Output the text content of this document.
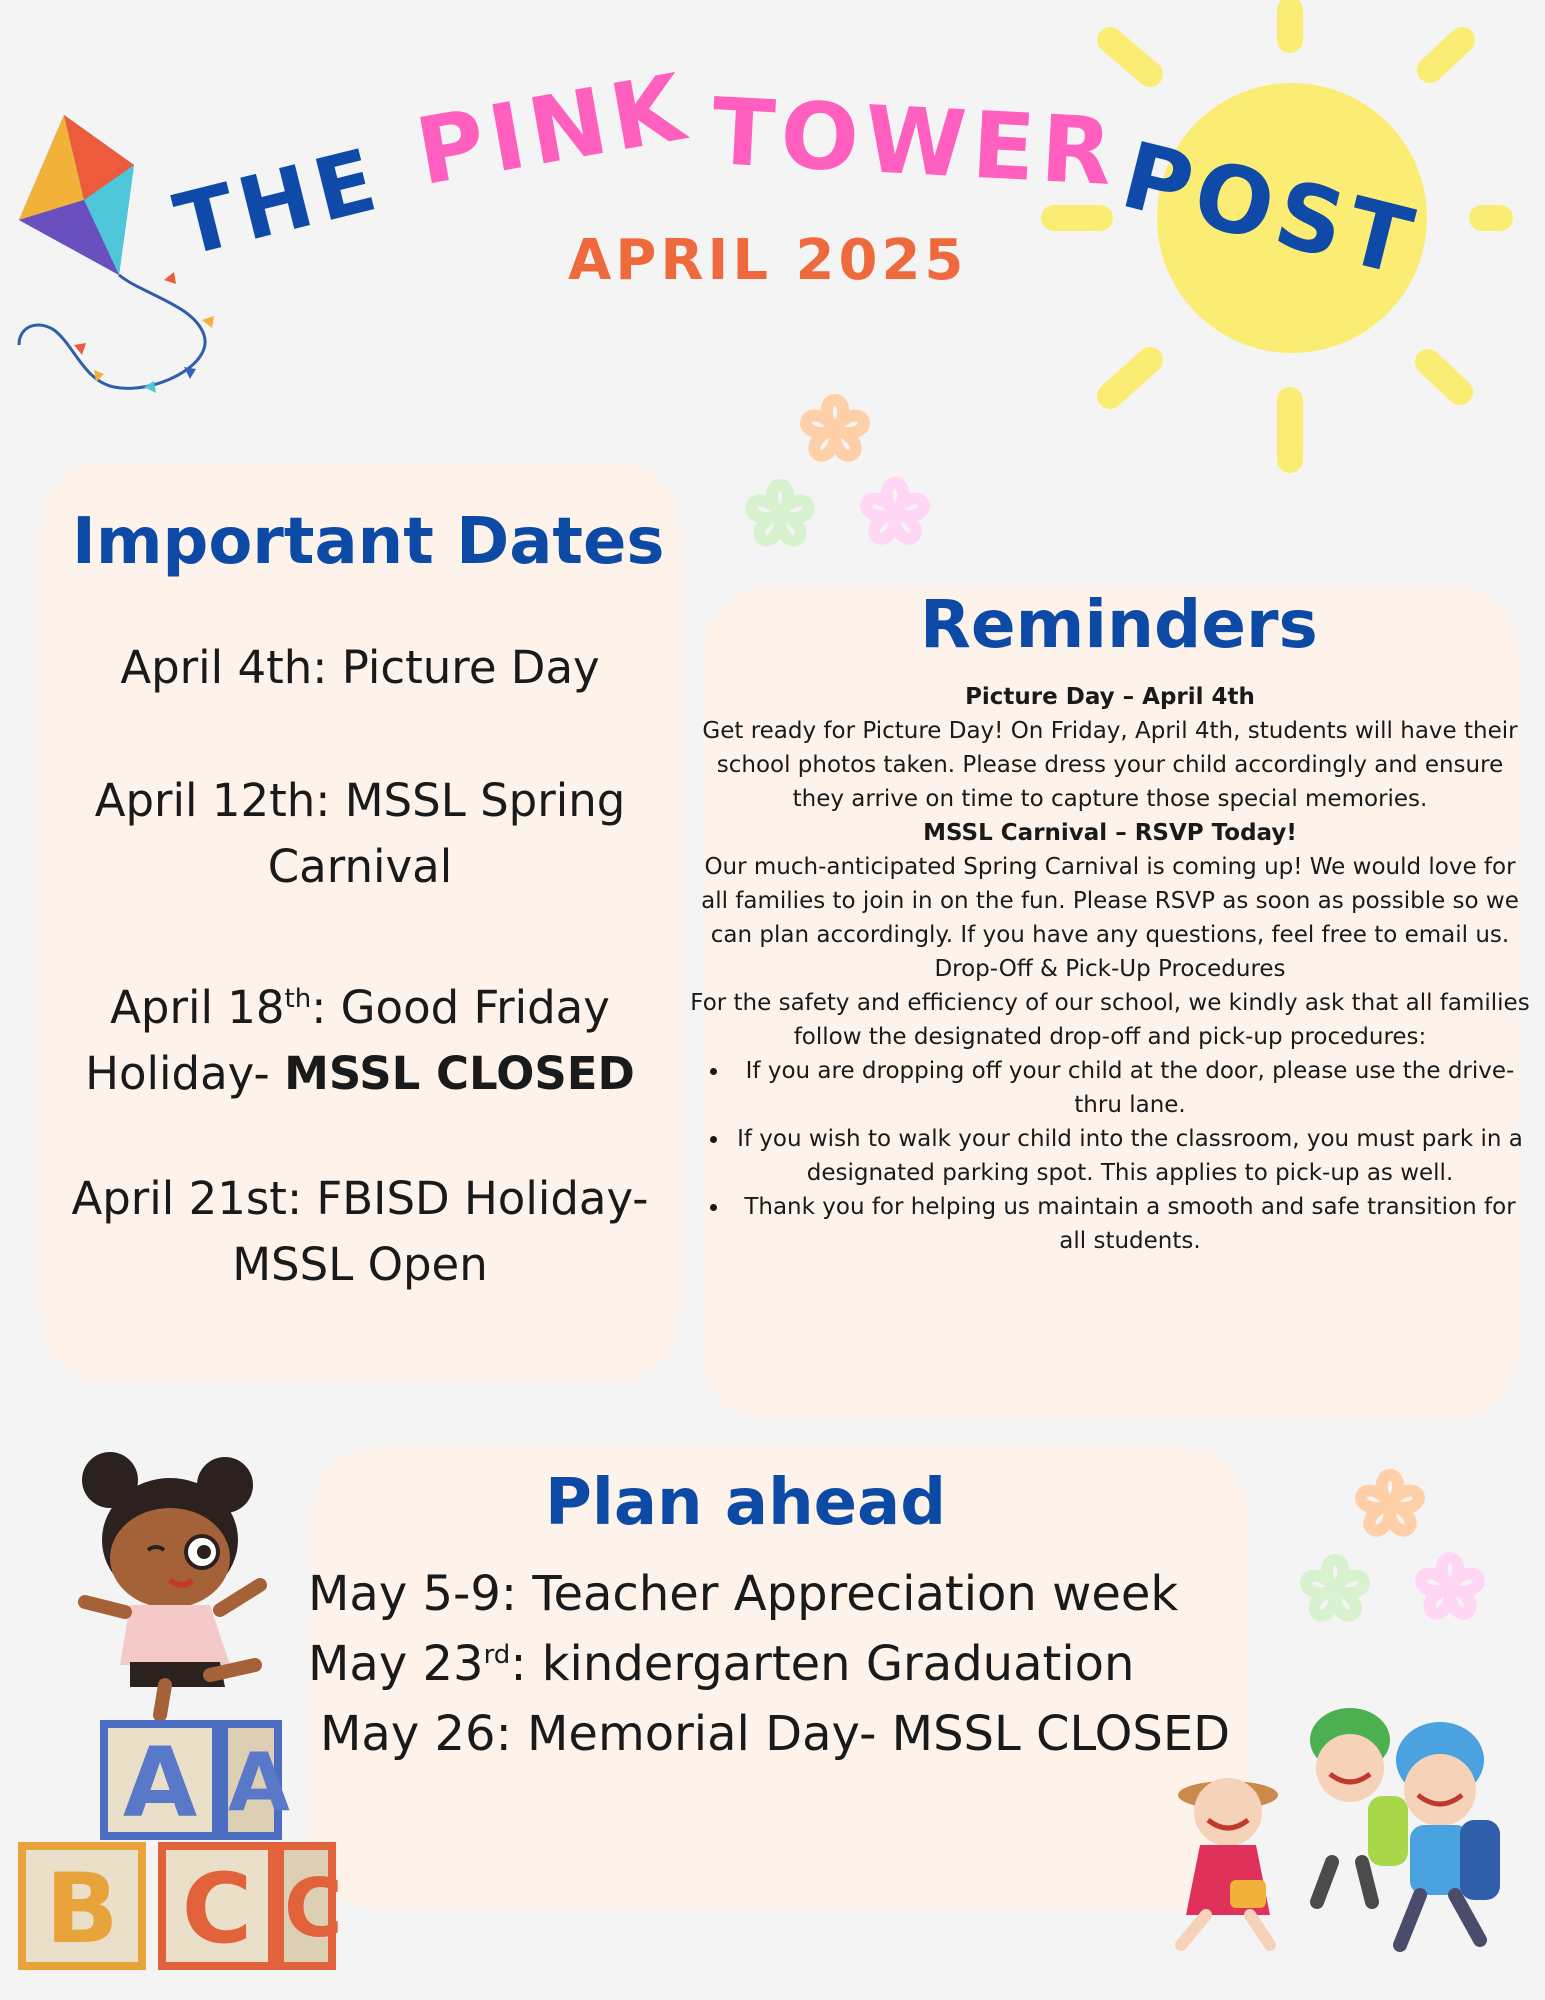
THE PINK TOWER
POST
APRIL 2025
Important Dates
April 4th: Picture Day
April 12th: MSSL Spring
Carnival
April 18th: Good Friday
Holiday- MSSL CLOSED
April 21st: FBISD Holiday-
MSSL Open
Reminders
Picture Day – April 4th
Get ready for Picture Day! On Friday, April 4th, students will have their school photos taken. Please dress your child accordingly and ensure they arrive on time to capture those special memories.
MSSL Carnival – RSVP Today!
Our much-anticipated Spring Carnival is coming up! We would love for all families to join in on the fun. Please RSVP as soon as possible so we can plan accordingly. If you have any questions, feel free to email us.
Drop-Off & Pick-Up Procedures
For the safety and efficiency of our school, we kindly ask that all families follow the designated drop-off and pick-up procedures:
• If you are dropping off your child at the door, please use the drive-thru lane.
• If you wish to walk your child into the classroom, you must park in a designated parking spot. This applies to pick-up as well.
• Thank you for helping us maintain a smooth and safe transition for all students.
Plan ahead
May 5-9: Teacher Appreciation week
May 23rd: kindergarten Graduation
May 26: Memorial Day- MSSL CLOSED
A A
B C C
